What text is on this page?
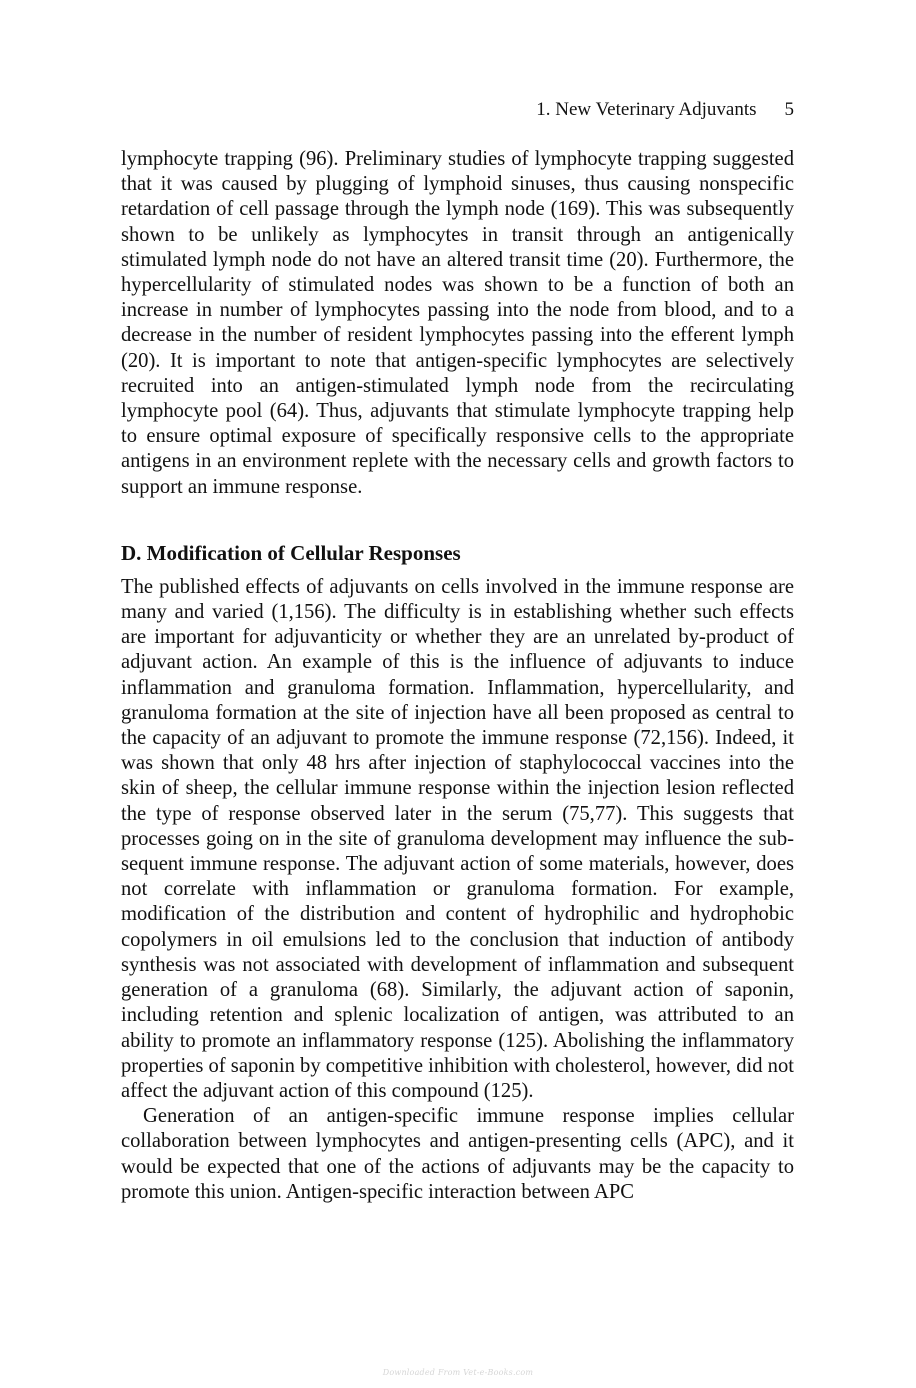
1. New Veterinary Adjuvants 5

lymphocyte trapping (96). Preliminary studies of lymphocyte trapping suggested that it was caused by plugging of lymphoid sinuses, thus causing nonspecific retardation of cell passage through the lymph node (169). This was subsequently shown to be unlikely as lymphocytes in transit through an antigenically stimulated lymph node do not have an altered transit time (20). Furthermore, the hypercellularity of stimulated nodes was shown to be a function of both an increase in number of lymphocytes passing into the node from blood, and to a decrease in the number of resident lymphocytes passing into the efferent lymph (20). It is important to note that antigen-specific lymphocytes are selectively recruited into an antigen-stimulated lymph node from the recirculating lymphocyte pool (64). Thus, adjuvants that stimulate lymphocyte trapping help to ensure optimal exposure of specifically responsive cells to the appropriate antigens in an environment replete with the necessary cells and growth factors to support an immune response.

D. Modification of Cellular Responses

The published effects of adjuvants on cells involved in the immune response are many and varied (1,156). The difficulty is in establishing whether such effects are important for adjuvanticity or whether they are an unrelated by-product of adjuvant action. An example of this is the influence of adjuvants to induce inflammation and granuloma formation. Inflammation, hypercellularity, and granuloma formation at the site of injection have all been proposed as central to the capacity of an adjuvant to promote the immune response (72,156). Indeed, it was shown that only 48 hrs after injection of staphylococcal vaccines into the skin of sheep, the cellular immune response within the injection lesion reflected the type of response observed later in the serum (75,77). This suggests that processes going on in the site of granuloma development may influence the subsequent immune response. The adjuvant action of some materials, however, does not correlate with inflammation or granuloma formation. For example, modification of the distribution and content of hydrophilic and hydrophobic copolymers in oil emulsions led to the conclusion that induction of antibody synthesis was not associated with development of inflammation and subsequent generation of a granuloma (68). Similarly, the adjuvant action of saponin, including retention and splenic localization of antigen, was attributed to an ability to promote an inflammatory response (125). Abolishing the inflammatory properties of saponin by competitive inhibition with cholesterol, however, did not affect the adjuvant action of this compound (125).

Generation of an antigen-specific immune response implies cellular collaboration between lymphocytes and antigen-presenting cells (APC), and it would be expected that one of the actions of adjuvants may be the capacity to promote this union. Antigen-specific interaction between APC

Downloaded From Vet-e-Books.com
